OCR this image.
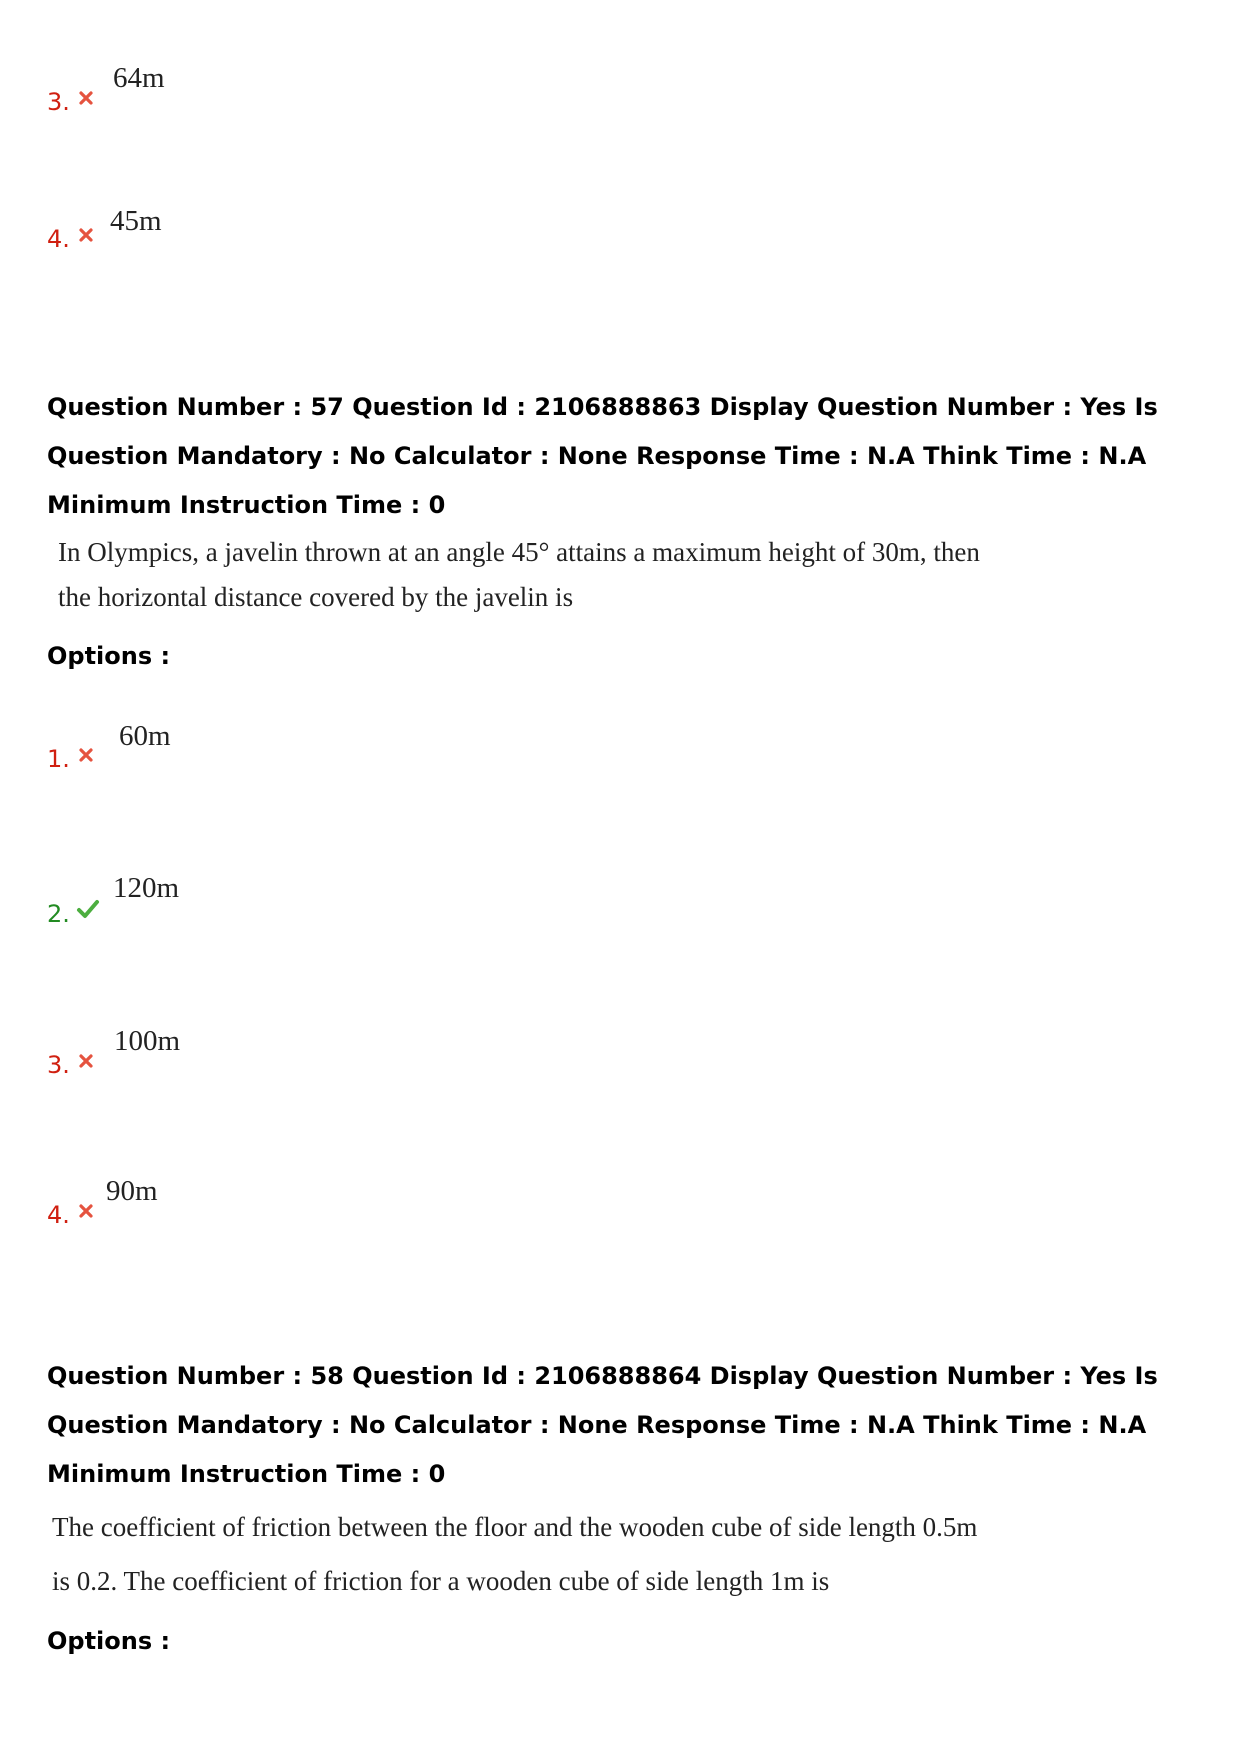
3.
64m
4.
45m

Question Number : 57 Question Id : 2106888863 Display Question Number : Yes Is Question Mandatory : No Calculator : None Response Time : N.A Think Time : N.A Minimum Instruction Time : 0

In Olympics, a javelin thrown at an angle 45° attains a maximum height of 30m, then

the horizontal distance covered by the javelin is

Options :

1.
60m
2.
120m
3.
100m
4.
90m

Question Number : 58 Question Id : 2106888864 Display Question Number : Yes Is Question Mandatory : No Calculator : None Response Time : N.A Think Time : N.A Minimum Instruction Time : 0

The coefficient of friction between the floor and the wooden cube of side length 0.5m

is 0.2. The coefficient of friction for a wooden cube of side length 1m is

Options :
